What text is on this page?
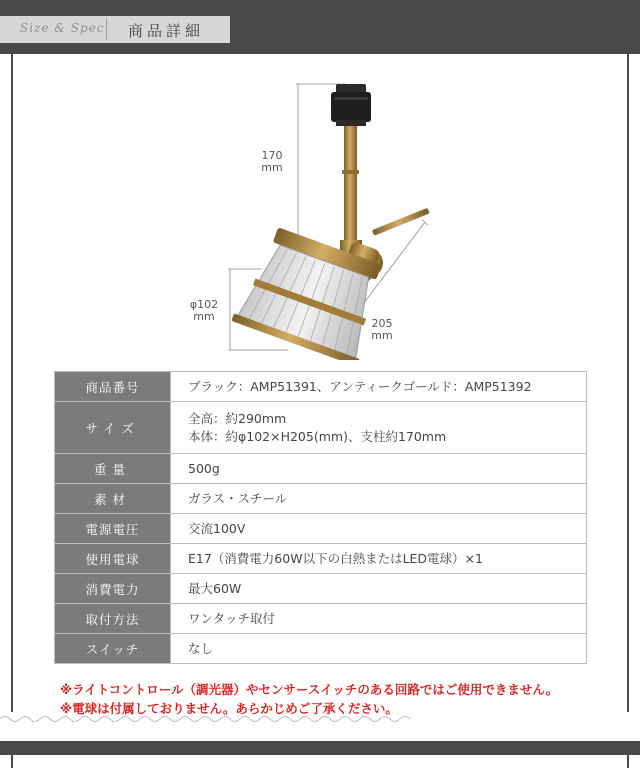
Size & Spec 商品詳細
170
mm
φ102
mm
205
mm
商品番号	ブラック：AMP51391、アンティークゴールド：AMP51392
サイズ	全高：約290mm
本体：約φ102×H205(mm)、支柱約170mm

重量	500g
素材	ガラス・スチール
電源電圧	交流100V
使用電球	E17（消費電力60W以下の白熱またはLED電球）×1
消費電力	最大60W
取付方法	ワンタッチ取付
スイッチ	なし
※ライトコントロール（調光器）やセンサースイッチのある回路ではご使用できません。
※電球は付属しておりません。あらかじめご了承ください。
